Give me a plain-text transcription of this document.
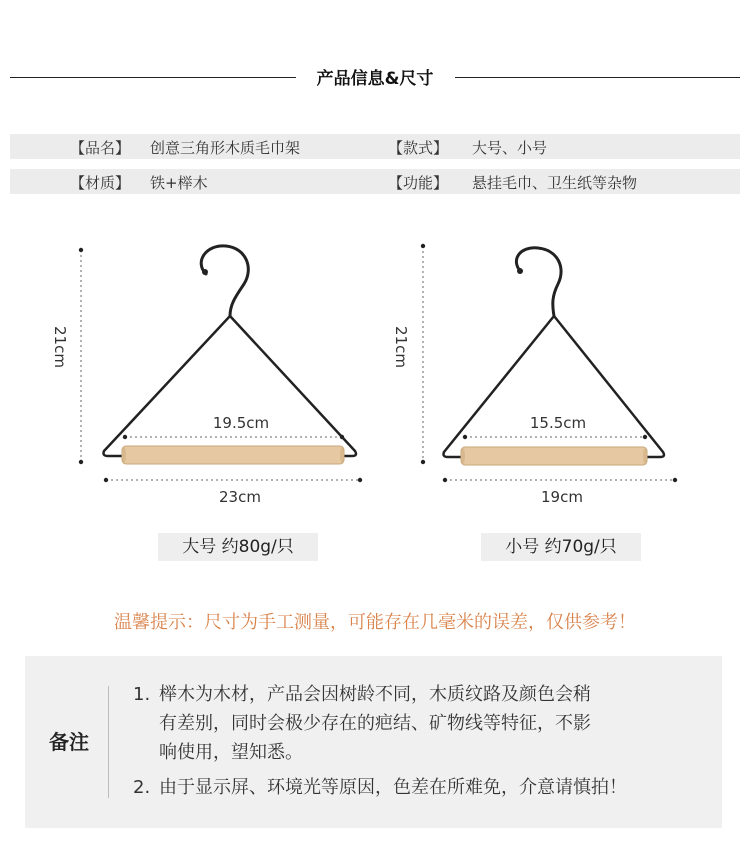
产品信息&尺寸
【品名】 创意三角形木质毛巾架	【款式】 大号、小号
【材质】 铁+榉木	【功能】 悬挂毛巾、卫生纸等杂物
21cm
19.5cm
23cm
21cm
15.5cm
19cm
大号 约80g/只	小号 约70g/只
温馨提示：尺寸为手工测量，可能存在几毫米的误差，仅供参考！
备注
1. 榉木为木材，产品会因树龄不同，木质纹路及颜色会稍
有差别，同时会极少存在的疤结、矿物线等特征，不影
响使用，望知悉。
2. 由于显示屏、环境光等原因，色差在所难免，介意请慎拍！
